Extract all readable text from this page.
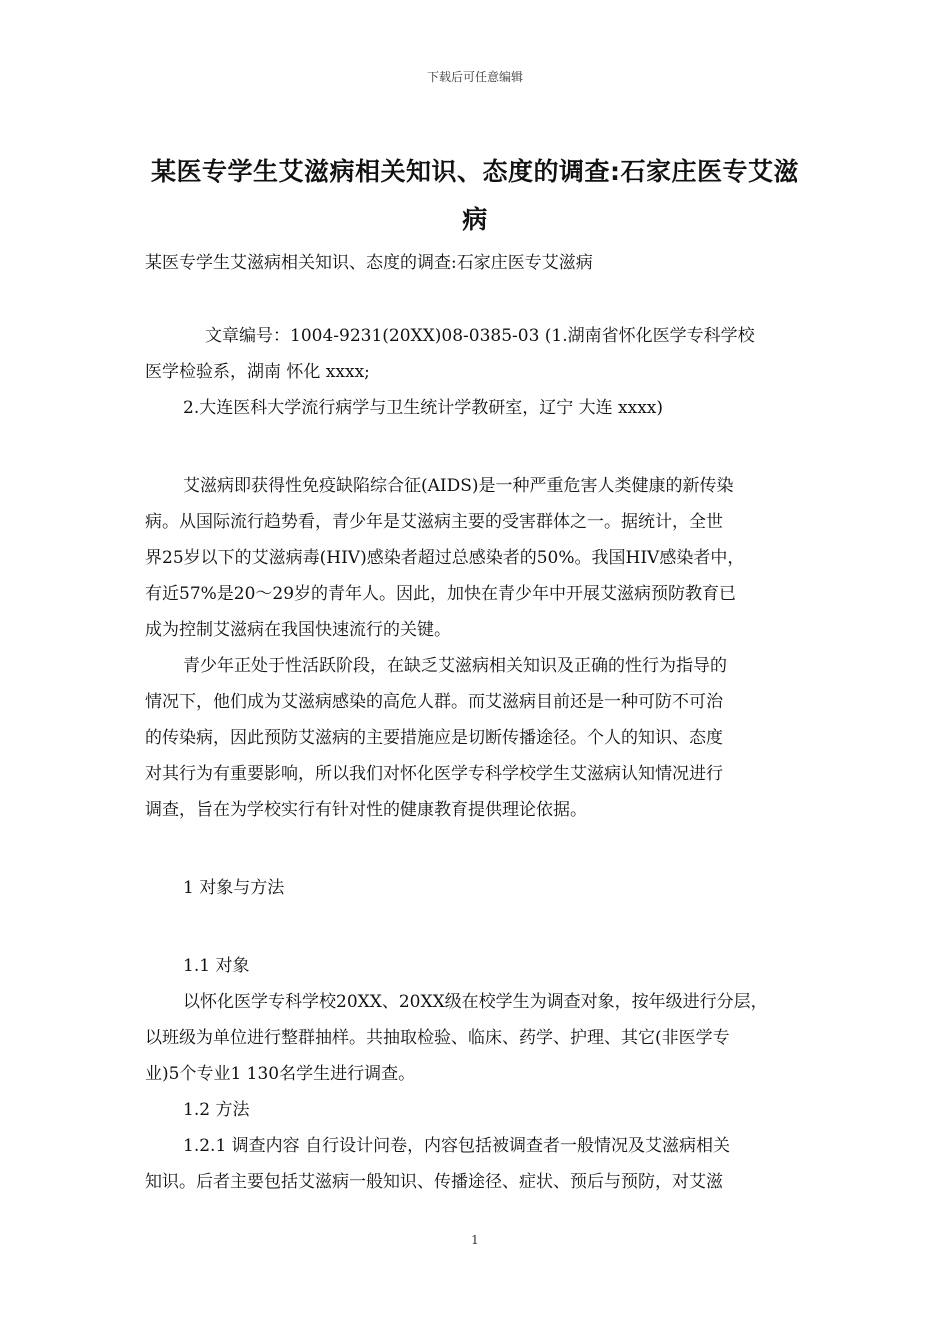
下载后可任意编辑
某医专学生艾滋病相关知识、态度的调查:石家庄医专艾滋病
某医专学生艾滋病相关知识、态度的调查:石家庄医专艾滋病
文章编号：1004-9231(20XX)08-0385-03 (1.湖南省怀化医学专科学校
医学检验系，湖南 怀化 xxxx;
2.大连医科大学流行病学与卫生统计学教研室，辽宁 大连 xxxx)
艾滋病即获得性免疫缺陷综合征(AIDS)是一种严重危害人类健康的新传染
病。从国际流行趋势看，青少年是艾滋病主要的受害群体之一。据统计，全世
界25岁以下的艾滋病毒(HIV)感染者超过总感染者的50%。我国HIV感染者中，
有近57%是20～29岁的青年人。因此，加快在青少年中开展艾滋病预防教育已
成为控制艾滋病在我国快速流行的关键。
青少年正处于性活跃阶段，在缺乏艾滋病相关知识及正确的性行为指导的
情况下，他们成为艾滋病感染的高危人群。而艾滋病目前还是一种可防不可治
的传染病，因此预防艾滋病的主要措施应是切断传播途径。个人的知识、态度
对其行为有重要影响，所以我们对怀化医学专科学校学生艾滋病认知情况进行
调查，旨在为学校实行有针对性的健康教育提供理论依据。
1 对象与方法
1.1 对象
以怀化医学专科学校20XX、20XX级在校学生为调查对象，按年级进行分层，
以班级为单位进行整群抽样。共抽取检验、临床、药学、护理、其它(非医学专
业)5个专业1 130名学生进行调查。
1.2 方法
1.2.1 调查内容 自行设计问卷，内容包括被调查者一般情况及艾滋病相关
知识。后者主要包括艾滋病一般知识、传播途径、症状、预后与预防，对艾滋
1
